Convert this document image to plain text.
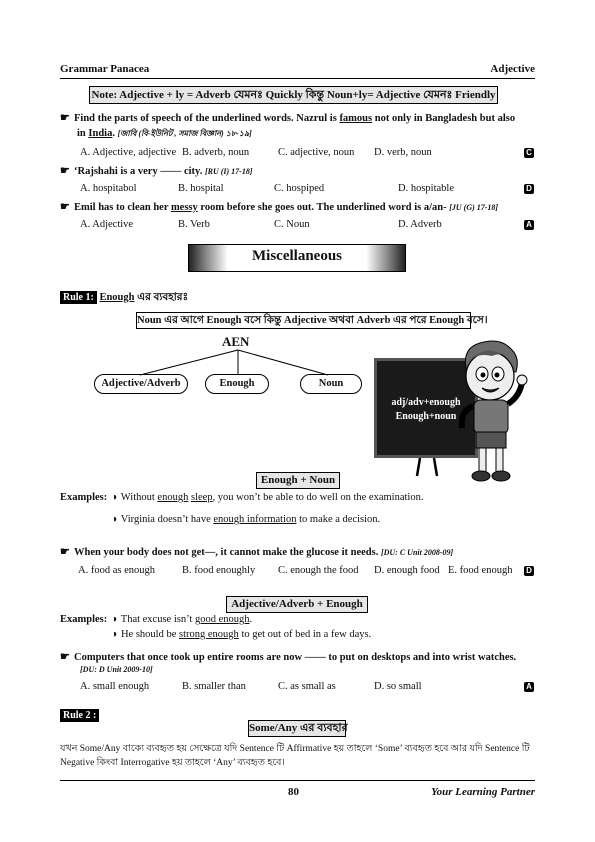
Grammar Panacea	Adjective
Note: Adjective + ly = Adverb যেমনঃ Quickly কিন্তু Noun+ly= Adjective যেমনঃ Friendly
☛ Find the parts of speech of the underlined words. Nazrul is famous not only in Bangladesh but also
in India. [জাবি (বি-ইউনিট , সমাজ বিজ্ঞান) ১৮-১৯]
A. Adjective, adjective B. adverb, noun	C. adjective, noun D. verb, noun	C
☛ ‘Rajshahi is a very —— city. [RU (I) 17-18]
A. hospitabol	B. hospital	C. hospiped	D. hospitable	D
☛ Emil has to clean her messy room before she goes out. The underlined word is a/an- [JU (G) 17-18]
A. Adjective	B. Verb	C. Noun	D. Adverb	A
Miscellaneous
Rule 1: Enough এর ব্যবহারঃ
Noun এর আগে Enough বসে কিন্তু Adjective অথবা Adverb এর পরে Enough বসে।
AEN
Adjective/Adverb	Enough	Noun
adj/adv+enough
Enough+noun
Enough + Noun
Examples: ◗ Without enough sleep, you won’t be able to do well on the examination.
◗ Virginia doesn’t have enough information to make a decision.
☛ When your body does not get—, it cannot make the glucose it needs. [DU: C Unit 2008-09]
A. food as enough	B. food enoughly C. enough the food D. enough food E. food enough D
Adjective/Adverb + Enough
Examples: ◗ That excuse isn’t good enough.
◗ He should be strong enough to get out of bed in a few days.
☛ Computers that once took up entire rooms are now —— to put on desktops and into wrist watches.
[DU: D Unit 2009-10]
A. small enough	B. smaller than	C. as small as	D. so small	A
Rule 2 :
Some/Any এর ব্যবহার
যখন Some/Any বাক্যে ব্যবহৃত হয় সেক্ষেত্রে যদি Sentence টি Affirmative হয় তাহলে ‘Some’ ব্যবহৃত হবে আর যদি Sentence টি
Negative কিংবা Interrogative হয় তাহলে ‘Any’ ব্যবহৃত হবে।
80	Your Learning Partner
